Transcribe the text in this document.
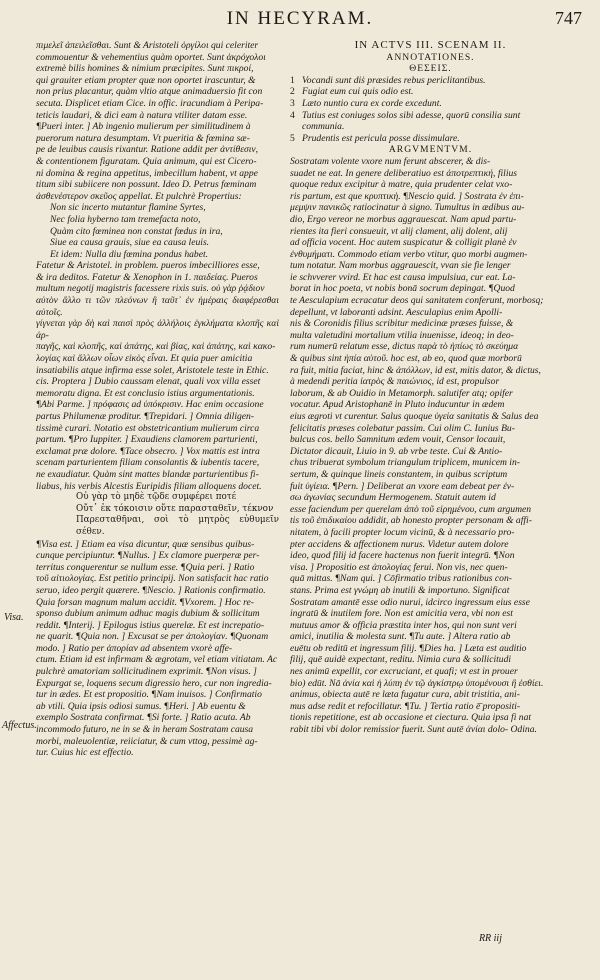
IN HECYRAM.	747

πιμελεῖ ἀπειλεῖσθαι. Sunt & Aristoteli ὀργίλοι qui celeriter

commouentur & vehementius quàm oportet. Sunt ἀκρόχολοι

extremè bilis homines & nimium præcipites. Sunt πικροί,

qui grauiter etiam propter quæ non oportet irascuntur, &

non prius placantur, quàm vltio atque animaduersio fit con

secuta. Displicet etiam Cice. in offic. iracundiam à Peripa-

teticis laudari, & dici eam à natura vtiliter datam esse.

¶Pueri inter. ] Ab ingenio mulierum per similitudinem à

puerorum natura desumptam. Vt pueritia & fœmina sæ-

pe de leuibus causis rixantur. Ratione addit per ἀντίθεσιν,

& contentionem figuratam. Quia animum, qui est Cicero-

ni domina & regina appetitus, imbecillum habent, vt appe

titum sibi subiicere non possunt. Ideo D. Petrus fœminam

ἀσθενέστερον σκεῦος appellat. Et pulchrè Propertius:

Non sic incerto mutantur flamine Syrtes,

Nec folia hyberno tam tremefacta noto,

Quàm cito fœminea non constat fœdus in ira,

Siue ea causa grauis, siue ea causa leuis.

Et idem: Nulla diu fœmina pondus habet.

Fatetur & Aristotel. in problem. pueros imbecilliores esse,

& ira deditos. Fatetur & Xenophon in 1. παιδείας. Pueros

multum negotij magistris facessere rixis suis. οὐ γὰρ ῥᾴδιον

αὐτὸν ἄλλο τι τῶν πλεόνων ἢ ταῦτ᾽ ἐν ἡμέραις διαφέρεσθαι αὐτοῖς.

γίγνεται γὰρ δὴ καὶ παισὶ πρὸς ἀλλήλοις ἐγκλήματα κλοπῆς καὶ ἁρ-

παγῆς, καὶ κλοπῆς, καὶ ἀπάτης, καὶ βίας, καὶ ἀπάτης, καὶ κακο-

λογίας καὶ ἄλλων οἷων εἰκὸς εἶναι. Et quia puer amicitia

insatiabilis atque infirma esse solet, Aristotele teste in Ethic.

cis. Proptera ] Dubio caussam elenat, quali vox villa esset

memoratu digna. Et est conclusio istius argumentationis.

¶Abi Parme. ] πρόφασις ad ὑπόκρισιν. Hac enim occasione

partus Philumenæ proditur. ¶Trepidari. ] Omnia diligen-

tissimè curari. Notatio est obstetricantium mulierum circa

partum. ¶Pro Iuppiter. ] Exaudiens clamorem parturienti,

exclamat præ dolore. ¶Tace obsecro. ] Vox mattis est intra

scenam parturientem filiam consolantis & iubentis tacere,

ne exaudiatur. Quàm sint mattes blandæ parturientibus fi-

liabus, his verbis Alcestis Euripidis filiam alloquens docet.

Οὐ γὰρ τὸ μηδὲ τῷδε συμφέρει ποτέ

Οὔτ᾽ ἐκ τόκοισιν οὔτε παρασταθεῖν, τέκνον

Παρεσταθῆναι, σοὶ τὸ μητρὸς εὐθυμεῖν σέθεν.

¶Visa est. ] Etiam ea visa dicuntur, quæ sensibus quibus-

cunque percipiuntur. ¶Nullus. ] Ex clamore puerperæ per-

territus conquerentur se nullum esse. ¶Quia peri. ] Ratio

τοῦ αἰτιολογίας. Est petitio principij. Non satisfacit hac ratio

seruo, ideo pergit quærere. ¶Nescio. ] Rationis confirmatio.

Quia forsan magnum malum accidit. ¶Vxorem. ] Hoc re-

sponso dubium animum adhuc magis dubium & sollicitum

reddit. ¶Interij. ] Epilogus istius querelæ. Et est increpatio-

ne quarit. ¶Quia non. ] Excusat se per ἀπολογίαν. ¶Quonam

modo. ] Ratio per ἀπορίαν ad absentem vxorè affe-

ctum. Etiam id est infirmam & ægrotam, vel etiam vitiatam. Ac

pulchrè amatoriam sollicitudinem exprimit. ¶Non visus. ]

Expurgat se, loquens secum digressio hero, cur non ingredia-

tur in ædes. Et est propositio. ¶Nam inuisos. ] Confirmatio

ab vtili. Quia ipsis odiosi sumus. ¶Heri. ] Ab euentu &

exemplo Sostrata confirmat. ¶Si forte. ] Ratio acuta. Ab

incommodo futuro, ne in se & in heram Sostratam causa

morbi, maleuolentiæ, reiiciatur, & cum vttog, pessimè ag-

tur. Cuius hic est effectio.

Visa.
Affectus.

IN ACTVS III. SCENAM II.

ANNOTATIONES.

ΘΕΣΕΙΣ.

1 Vocandi sunt diṡ præsides rebus periclitantibus.
2 Fugiat eum cui quis odio est.
3 Læto nuntio cura ex corde excedunt.
4 Tutius est coniuges solos sibi adesse, quorū consilia sunt
communia.
5 Prudentis est pericula posse dissimulare.

ARGVMENTVM.

Sostratam volente vxore num ferunt abscerer, & dis-

suadet ne eat. In genere deliberatiuo est ἀποτρεπτική, filius

quoque redux excipitur à matre, quia prudenter celat vxo-

ris partum, est que κρυπτικὴ. ¶Nescio quid. ] Sostrata ἐν ἐπι-

μεμψιν πανικῶς ratiocinatur à signo. Tumultus in ædibus au-

dio, Ergo vereor ne morbus aggrauescat. Nam apud partu-

rientes ita fieri consueuit, vt alij clament, alij dolent, alij

ad officia vocent. Hoc autem suspicatur & colligit planè ἐν

ἐνθυμήματι. Commodo etiam verbo vtitur, quo morbi augmen-

tum notatur. Nam morbus aggrauescit, vvan sie fie lenger

ie schvverer vvird. Et hac est causa impulsiua, cur eat. La-

borat in hoc poeta, vt nobis bonā socrum depingat. ¶Quod

te Aesculapium ecracatur deos qui sanitatem conferunt, morbosq;

depellunt, vt laboranti adsint. Aesculapius enim Apolli-

nis & Coronidis filius scribitur medicinæ præses fuisse, &

multa valetudini mortalium vtilia inuenisse, ideoq; in deo-

rum numerū relatum esse, dictus παρὰ τὸ ἠπίως τὸ σκεύημα

& quibus sint ἠπία αὐτοῦ. hoc est, ab eo, quod quæ morborū

ra fuit, mitia faciat, hinc & ἀπόλλων, id est, mitis dator, & dictus,

à medendi peritia ἰατρὸς & παιώνιος, id est, propulsor

laborum, & ab Ouidio in Metamorph. salutifer atq; opifer

vocatur. Apud Aristophanē in Pluto inducuntur in ædem

eius ægroti vt curentur. Salus quoque ὑγεία sanitatis & Salus dea

felicitatis præses colebatur passim. Cui olim C. Iunius Bu-

bulcus cos. bello Samnitum ædem vouit, Censor locauit,

Dictator dicauit, Liuio in 9. ab vrbe teste. Cui & Antio-

chus tribuerat symbolum triangulum triplicem, municem in-

sertum, & quinque lineis constantem, in quibus scriptum

fuit ὑγίεια. ¶Pern. ] Deliberat an vxore eam debeat per ἐν-

σω ἀγωνίας secundum Hermogenem. Statuit autem id

esse faciendum per querelam ἀπὸ τοῦ εἰρημένου, cum argumen

tis τοῦ ἐπιδικαίου addidit, ab honesto propter personam & affi-

nitatem, à facili propter locum vicinū, & à necessario pro-

pter accidens & affectionem nurus. Videtur autem dolore

ideo, quod filij id facere hactenus non fuerit integrū. ¶Non

visa. ] Propositio est ἀπολογίας ferui. Non vis, nec quen-

quā mittas. ¶Nam qui. ] Cōfirmatio tribus rationibus con-

stans. Prima est γνώμη ab inutili & importuno. Significat

Sostratam amantē esse odio nurui, idcirco ingressum eius esse

ingratū & inutilem fore. Non est amicitia vera, vbi non est

mutuus amor & officia præstita inter hos, qui non sunt veri

amici, inutilia & molesta sunt. ¶Tu aute. ] Altera ratio ab

euētu ob reditū et ingressum filij. ¶Dies ha. ] Læta est auditio

filij, quē auidè expectant, reditu. Nimia cura & sollicitudi

nes animū expellit, cor excruciant, et quafi; vt est in prouer

bio) edūt. Nā ἀνία καὶ ἡ λύπη ἐν τῷ ἀγκίστρῳ ὑπομένουσι ἢ ἐσθίει.

animus, obiecta autē re læta fugatur cura, abit tristitia, ani-

mus adse redit et refocillatur. ¶Tu. ] Tertia ratio ē̄ propositi-

tionis repetitione, est ab occasione et ciectura. Quia ipsa fi nat

rabit tibi vbi dolor remissior fuerit. Sunt autē ἀνίαι dolo- Odina.

RR iij
